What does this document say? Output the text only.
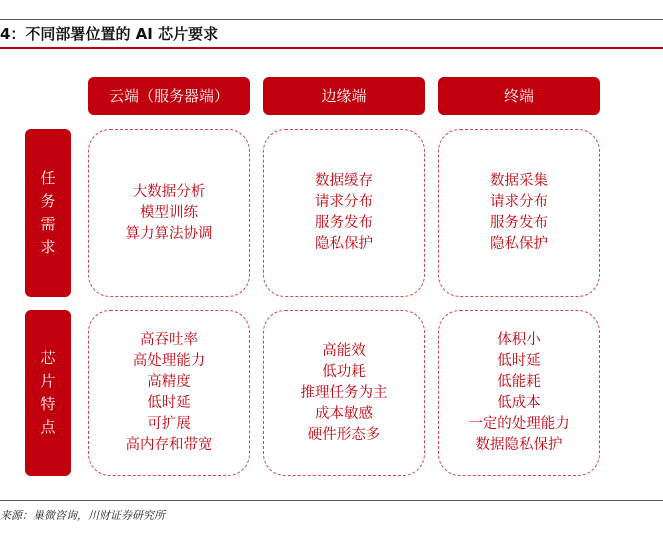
4：不同部署位置的 AI 芯片要求
云端（服务器端）	边缘端	终端
任
务
需
求
芯
片
特
点
大数据分析
模型训练
算力算法协调
数据缓存
请求分布
服务发布
隐私保护
数据采集
请求分布
服务发布
隐私保护
高吞吐率
高处理能力
高精度
低时延
可扩展
高内存和带宽
高能效
低功耗
推理任务为主
成本敏感
硬件形态多
体积小
低时延
低能耗
低成本
一定的处理能力
数据隐私保护
来源：巢微咨询，川财证券研究所
